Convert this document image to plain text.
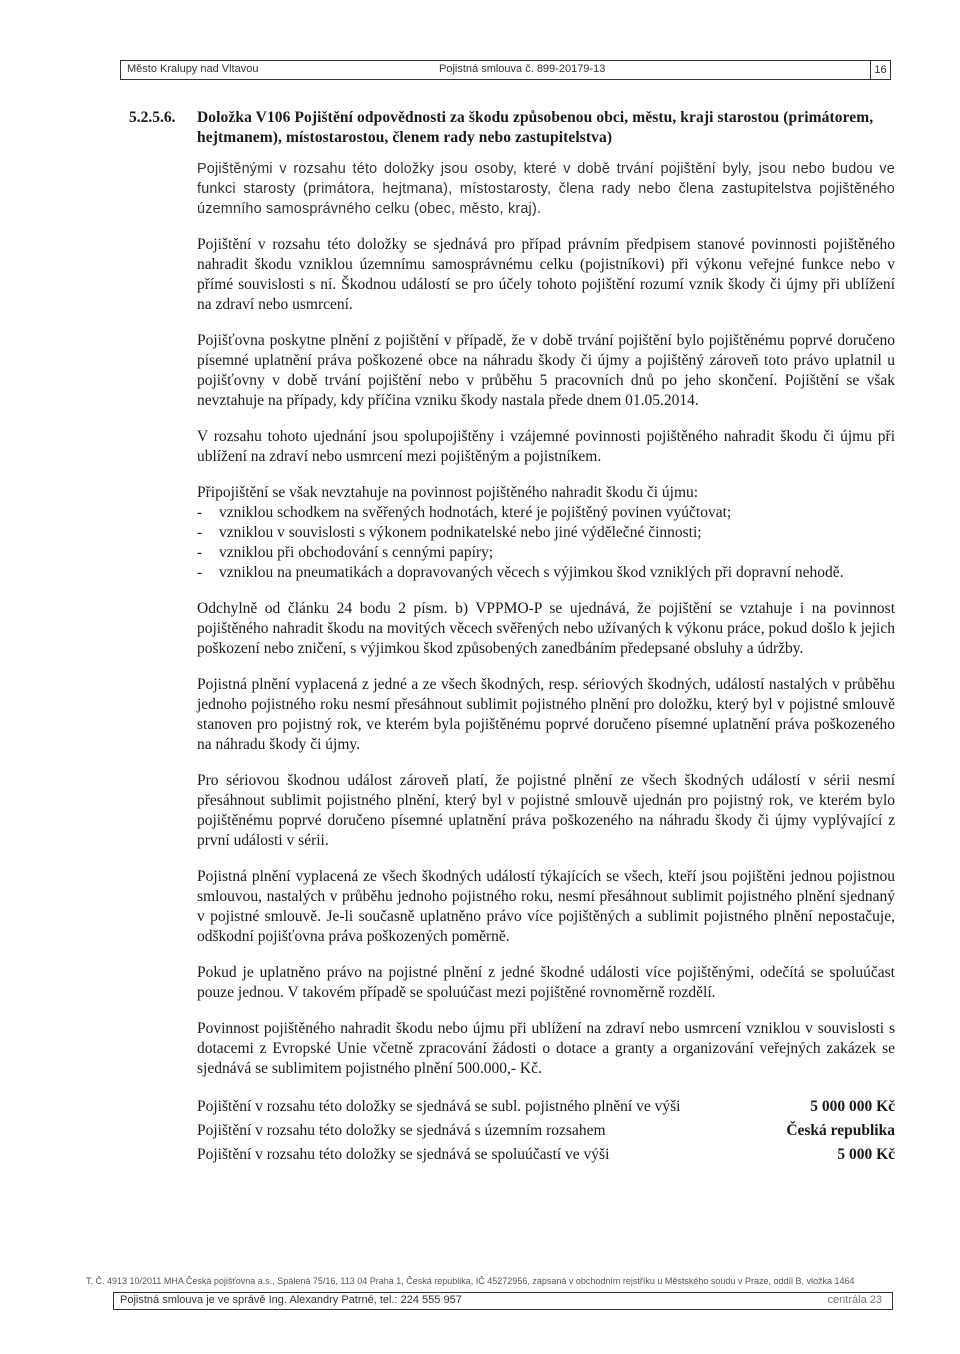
Město Kralupy nad Vltavou	Pojistná smlouva č. 899-20179-13	16
5.2.5.6.	Doložka V106 Pojištění odpovědnosti za škodu způsobenou obci, městu, kraji starostou (primátorem, hejtmanem), místostarostou, členem rady nebo zastupitelstva)

Pojištěnými v rozsahu této doložky jsou osoby, které v době trvání pojištění byly, jsou nebo budou ve funkci starosty (primátora, hejtmana), místostarosty, člena rady nebo člena zastupitelstva pojištěného územního samosprávného celku (obec, město, kraj).

Pojištění v rozsahu této doložky se sjednává pro případ právním předpisem stanové povinnosti pojištěného nahradit škodu vzniklou územnímu samosprávnému celku (pojistníkovi) při výkonu veřejné funkce nebo v přímé souvislosti s ní. Škodnou událostí se pro účely tohoto pojištění rozumí vznik škody či újmy při ublížení na zdraví nebo usmrcení.

Pojišťovna poskytne plnění z pojištění v případě, že v době trvání pojištění bylo pojištěnému poprvé doručeno písemné uplatnění práva poškozené obce na náhradu škody či újmy a pojištěný zároveň toto právo uplatnil u pojišťovny v době trvání pojištění nebo v průběhu 5 pracovních dnů po jeho skončení. Pojištění se však nevztahuje na případy, kdy příčina vzniku škody nastala přede dnem 01.05.2014.

V rozsahu tohoto ujednání jsou spolupojištěny i vzájemné povinnosti pojištěného nahradit škodu či újmu při ublížení na zdraví nebo usmrcení mezi pojištěným a pojistníkem.

Připojištění se však nevztahuje na povinnost pojištěného nahradit škodu či újmu:

- vzniklou schodkem na svěřených hodnotách, které je pojištěný povinen vyúčtovat;
- vzniklou v souvislosti s výkonem podnikatelské nebo jiné výdělečné činnosti;
- vzniklou při obchodování s cennými papíry;
- vzniklou na pneumatikách a dopravovaných věcech s výjimkou škod vzniklých při dopravní nehodě.

Odchylně od článku 24 bodu 2 písm. b) VPPMO-P se ujednává, že pojištění se vztahuje i na povinnost pojištěného nahradit škodu na movitých věcech svěřených nebo užívaných k výkonu práce, pokud došlo k jejich poškození nebo zničení, s výjimkou škod způsobených zanedbáním předepsané obsluhy a údržby.

Pojistná plnění vyplacená z jedné a ze všech škodných, resp. sériových škodných, událostí nastalých v průběhu jednoho pojistného roku nesmí přesáhnout sublimit pojistného plnění pro doložku, který byl v pojistné smlouvě stanoven pro pojistný rok, ve kterém byla pojištěnému poprvé doručeno písemné uplatnění práva poškozeného na náhradu škody či újmy.

Pro sériovou škodnou událost zároveň platí, že pojistné plnění ze všech škodných událostí v sérii nesmí přesáhnout sublimit pojistného plnění, který byl v pojistné smlouvě ujednán pro pojistný rok, ve kterém bylo pojištěnému poprvé doručeno písemné uplatnění práva poškozeného na náhradu škody či újmy vyplývající z první události v sérii.

Pojistná plnění vyplacená ze všech škodných událostí týkajících se všech, kteří jsou pojištěni jednou pojistnou smlouvou, nastalých v průběhu jednoho pojistného roku, nesmí přesáhnout sublimit pojistného plnění sjednaný v pojistné smlouvě. Je-li současně uplatněno právo více pojištěných a sublimit pojistného plnění nepostačuje, odškodní pojišťovna práva poškozených poměrně.

Pokud je uplatněno právo na pojistné plnění z jedné škodné události více pojištěnými, odečítá se spoluúčast pouze jednou. V takovém případě se spoluúčast mezi pojištěné rovnoměrně rozdělí.

Povinnost pojištěného nahradit škodu nebo újmu při ublížení na zdraví nebo usmrcení vzniklou v souvislosti s dotacemi z Evropské Unie včetně zpracování žádosti o dotace a granty a organizování veřejných zakázek se sjednává se sublimitem pojistného plnění 500.000,- Kč.

Pojištění v rozsahu této doložky se sjednává se subl. pojistného plnění ve výši	5 000 000 Kč
Pojištění v rozsahu této doložky se sjednává s územním rozsahem	Česká republika
Pojištění v rozsahu této doložky se sjednává se spoluúčastí ve výši	5 000 Kč
T. Č. 4913 10/2011 MHA Česká pojišťovna a.s., Spálená 75/16, 113 04 Praha 1, Česká republika, IČ 45272956, zapsaná v obchodním rejstříku u Městského soudu v Praze, oddíl B, vložka 1464
Pojistná smlouva je ve správě Ing. Alexandry Patrné, tel.: 224 555 957	centrála 23
